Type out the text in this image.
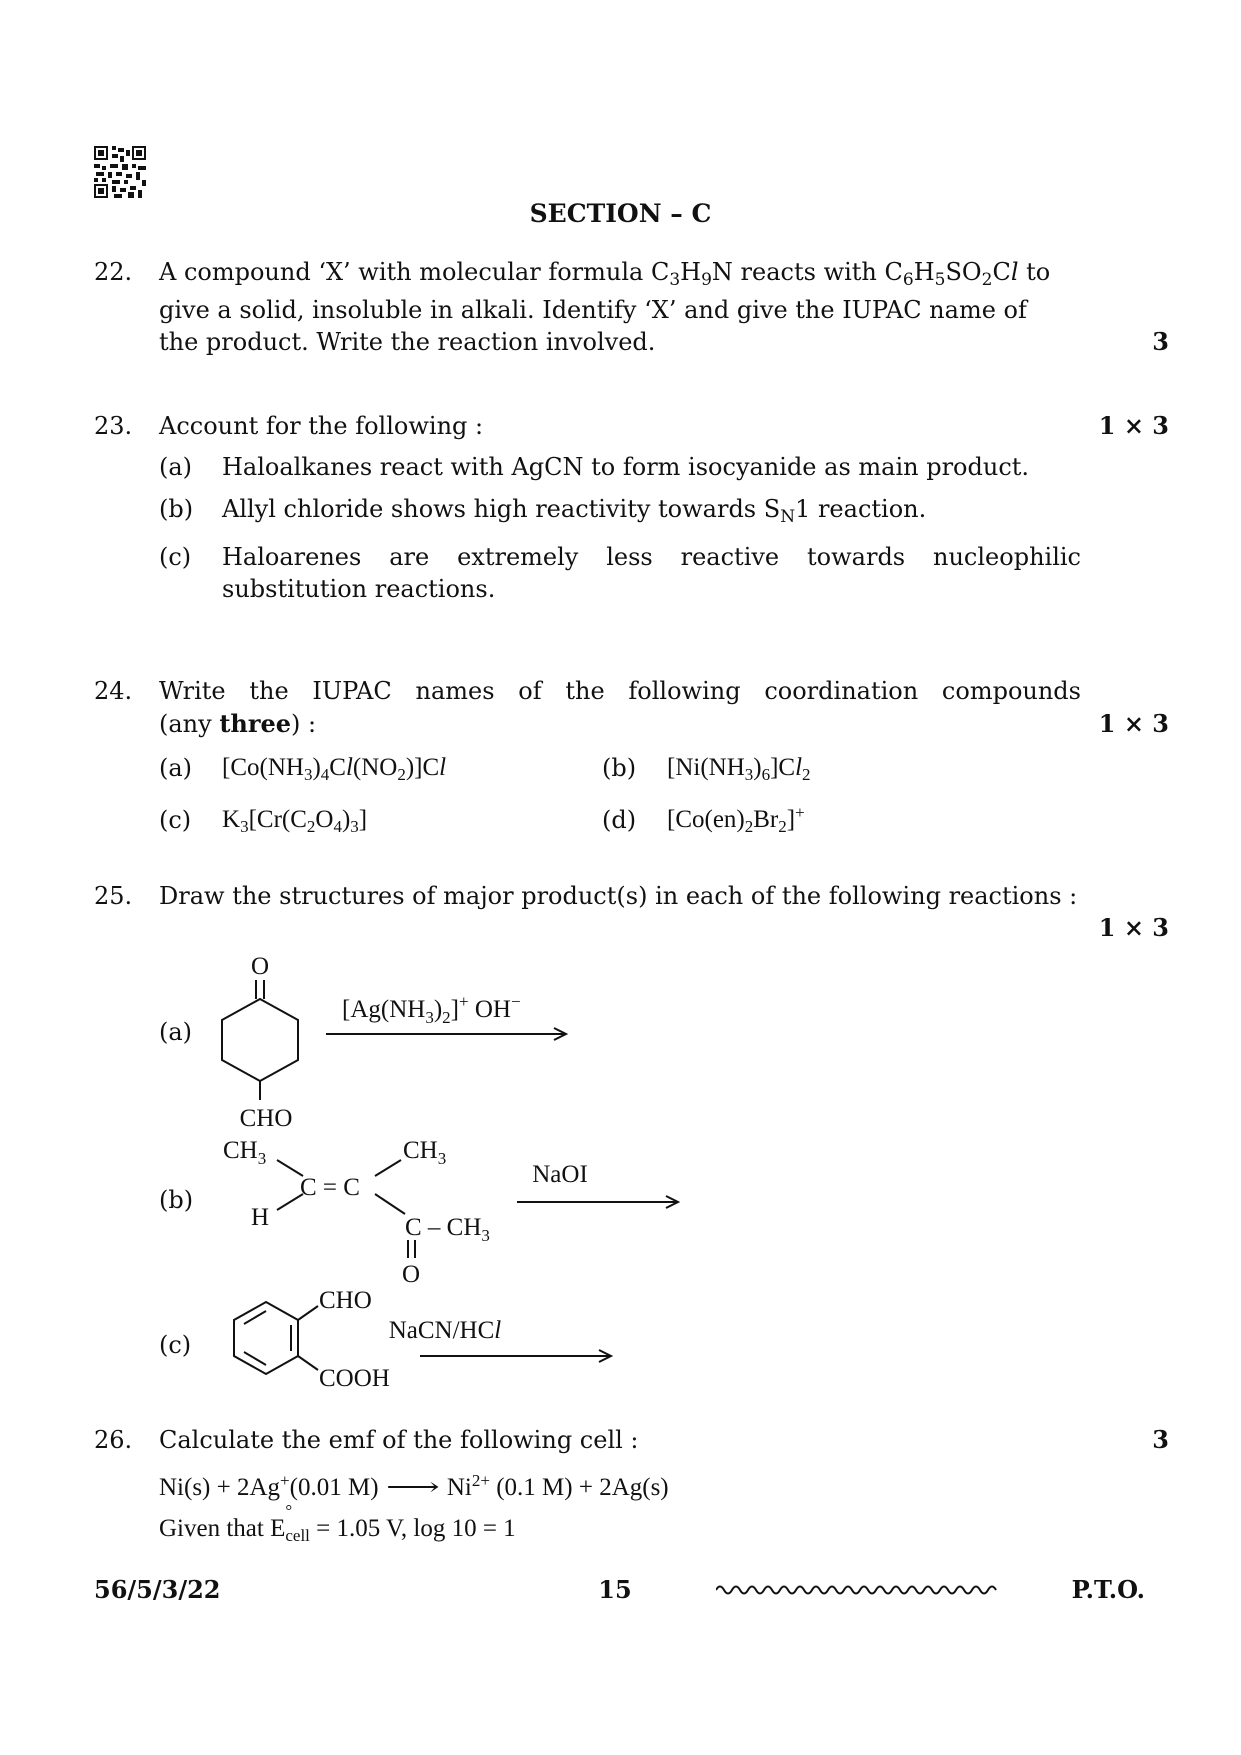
SECTION – C
22.	A compound ‘X’ with molecular formula $C_3H_9N$ reacts with $C_6H_5SO_2Cl$ to
give a solid, insoluble in alkali. Identify ‘X’ and give the IUPAC name of
the product. Write the reaction involved.	3
23.	Account for the following :	1 × 3
(a)	Haloalkanes react with AgCN to form isocyanide as main product.
(b)	Allyl chloride shows high reactivity towards $S_N1$ reaction.
(c)	Haloarenes are extremely less reactive towards nucleophilic
substitution reactions.
24.	Write the IUPAC names of the following coordination compounds
(any three) :	1 × 3
(a)	$[Co(NH_3)_4Cl(NO_2)]Cl$	(b)	$[Ni(NH_3)_6]Cl_2$
(c)	$K_3[Cr(C_2O_4)_3]$	(d)	$[Co(en)_2Br_2]^+$
25.	Draw the structures of major product(s) in each of the following reactions :
1 × 3
(a)
O
CHO
$[Ag(NH_3)_2]^+$ OH−
(b)
$CH_3$
H
C = C
$CH_3$
C – $CH_3$
O
NaOI
(c)
CHO
COOH
NaCN/HCl
26.	Calculate the emf of the following cell :	3
Ni(s) + 2Ag+(0.01 M) ⟶ $Ni^{2+}$ (0.1 M) + 2Ag(s)
Given that E
°
$_{cell}$ = 1.05 V, log 10 = 1
56/5/3/22	15	P.T.O.
